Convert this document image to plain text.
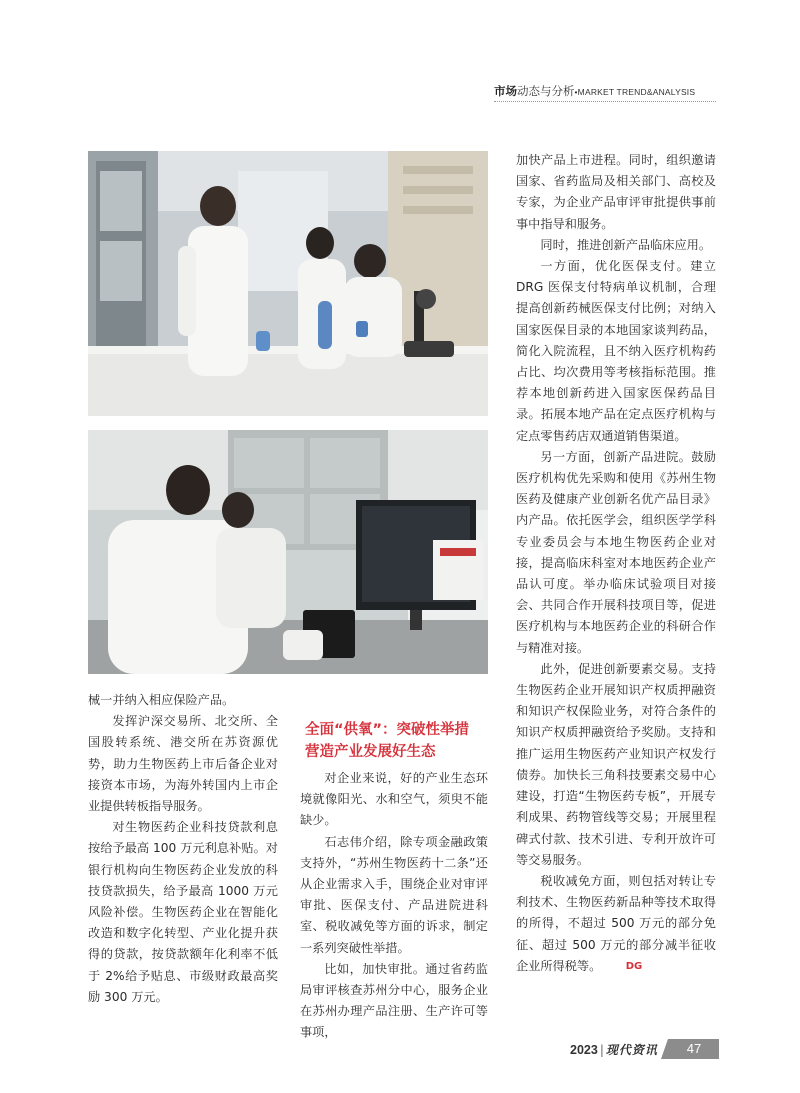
市场动态与分析•MARKET TREND&ANALYSIS

械一并纳入相应保险产品。

发挥沪深交易所、北交所、全国股转系统、港交所在苏资源优势，助力生物医药上市后备企业对接资本市场，为海外转国内上市企业提供转板指导服务。

对生物医药企业科技贷款利息按给予最高 100 万元利息补贴。对银行机构向生物医药企业发放的科技贷款损失，给予最高 1000 万元风险补偿。生物医药企业在智能化改造和数字化转型、产业化提升获得的贷款，按贷款额年化利率不低于 2%给予贴息、市级财政最高奖励 300 万元。

全面“供氧”：突破性举措
营造产业发展好生态

对企业来说，好的产业生态环境就像阳光、水和空气，须臾不能缺少。

石志伟介绍，除专项金融政策支持外，“苏州生物医药十二条”还从企业需求入手，围绕企业对审评审批、医保支付、产品进院进科室、税收减免等方面的诉求，制定一系列突破性举措。

比如，加快审批。通过省药监局审评核查苏州分中心，服务企业在苏州办理产品注册、生产许可等事项，

加快产品上市进程。同时，组织邀请国家、省药监局及相关部门、高校及专家，为企业产品审评审批提供事前事中指导和服务。

同时，推进创新产品临床应用。

一方面，优化医保支付。建立 DRG 医保支付特病单议机制，合理提高创新药械医保支付比例；对纳入国家医保目录的本地国家谈判药品，简化入院流程，且不纳入医疗机构药占比、均次费用等考核指标范围。推荐本地创新药进入国家医保药品目录。拓展本地产品在定点医疗机构与定点零售药店双通道销售渠道。

另一方面，创新产品进院。鼓励医疗机构优先采购和使用《苏州生物医药及健康产业创新名优产品目录》内产品。依托医学会，组织医学学科专业委员会与本地生物医药企业对接，提高临床科室对本地医药企业产品认可度。举办临床试验项目对接会、共同合作开展科技项目等，促进医疗机构与本地医药企业的科研合作与精准对接。

此外，促进创新要素交易。支持生物医药企业开展知识产权质押融资和知识产权保险业务，对符合条件的知识产权质押融资给予奖励。支持和推广运用生物医药产业知识产权发行债券。加快长三角科技要素交易中心建设，打造“生物医药专板”，开展专利成果、药物管线等交易；开展里程碑式付款、技术引进、专利开放许可等交易服务。

税收减免方面，则包括对转让专利技术、生物医药新品种等技术取得的所得，不超过 500 万元的部分免征、超过 500 万元的部分减半征收企业所得税等。 DG

2023 | 现代资讯	47
